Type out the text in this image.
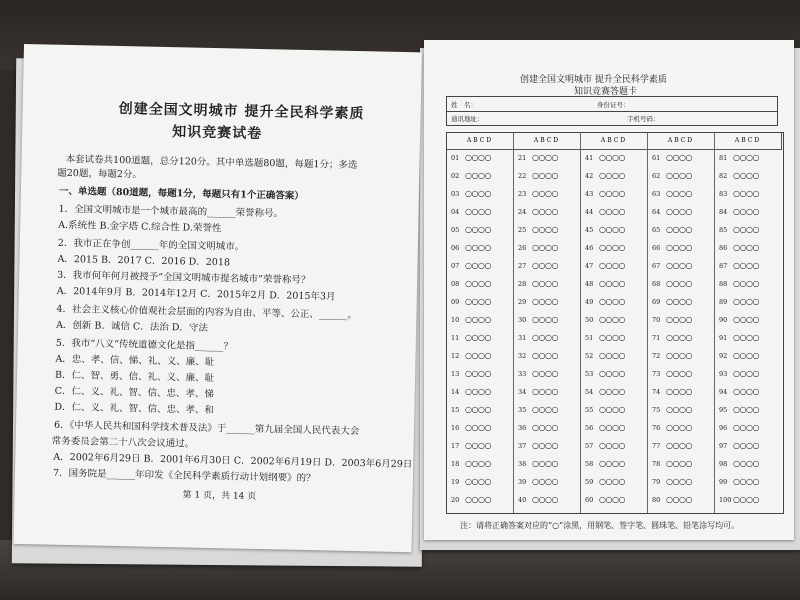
创建全国文明城市 提升全民科学素质
知识竞赛试卷
本套试卷共100道题，总分120分。其中单选题80题，每题1分；多选
题20题，每题2分。
一、单选题（80道题，每题1分，每题只有1个正确答案）
1．全国文明城市是一个城市最高的______荣誉称号。
A.系统性 B.金字塔 C.综合性 D.荣誉性
2．我市正在争创______年的全国文明城市。
A．2015 B．2017 C．2016 D．2018
3．我市何年何月被授予“全国文明城市提名城市”荣誉称号？
A．2014年9月 B．2014年12月 C．2015年2月 D．2015年3月
4．社会主义核心价值观社会层面的内容为自由、平等、公正、______。
A．创新 B．诚信 C．法治 D．守法
5．我市“八义”传统道德文化是指______？
A．忠、孝、信、悌、礼、义、廉、耻
B．仁、智、勇、信、礼、义、廉、耻
C．仁、义、礼、智、信、忠、孝、悌
D．仁、义、礼、智、信、忠、孝、和
6．《中华人民共和国科学技术普及法》于______第九届全国人民代表大会
常务委员会第二十八次会议通过。
A．2002年6月29日 B．2001年6月30日 C．2002年6月19日 D．2003年6月29日
7．国务院是______年印发《全民科学素质行动计划纲要》的？
第 1 页，共 14 页
创建全国文明城市 提升全民科学素质
知识竞赛答题卡
姓　名：	身份证号：
通讯地址：	手机号码：
ABCD
01 ○○○○
02 ○○○○
03 ○○○○
04 ○○○○
05 ○○○○
06 ○○○○
07 ○○○○
08 ○○○○
09 ○○○○
10 ○○○○
11 ○○○○
12 ○○○○
13 ○○○○
14 ○○○○
15 ○○○○
16 ○○○○
17 ○○○○
18 ○○○○
19 ○○○○
20 ○○○○
ABCD
21 ○○○○
22 ○○○○
23 ○○○○
24 ○○○○
25 ○○○○
26 ○○○○
27 ○○○○
28 ○○○○
29 ○○○○
30 ○○○○
31 ○○○○
32 ○○○○
33 ○○○○
34 ○○○○
35 ○○○○
36 ○○○○
37 ○○○○
38 ○○○○
39 ○○○○
40 ○○○○
ABCD
41 ○○○○
42 ○○○○
43 ○○○○
44 ○○○○
45 ○○○○
46 ○○○○
47 ○○○○
48 ○○○○
49 ○○○○
50 ○○○○
51 ○○○○
52 ○○○○
53 ○○○○
54 ○○○○
55 ○○○○
56 ○○○○
57 ○○○○
58 ○○○○
59 ○○○○
60 ○○○○
ABCD
61 ○○○○
62 ○○○○
63 ○○○○
64 ○○○○
65 ○○○○
66 ○○○○
67 ○○○○
68 ○○○○
69 ○○○○
70 ○○○○
71 ○○○○
72 ○○○○
73 ○○○○
74 ○○○○
75 ○○○○
76 ○○○○
77 ○○○○
78 ○○○○
79 ○○○○
80 ○○○○
ABCD
81 ○○○○
82 ○○○○
83 ○○○○
84 ○○○○
85 ○○○○
86 ○○○○
87 ○○○○
88 ○○○○
89 ○○○○
90 ○○○○
91 ○○○○
92 ○○○○
93 ○○○○
94 ○○○○
95 ○○○○
96 ○○○○
97 ○○○○
98 ○○○○
99 ○○○○
100 ○○○○
注：请将正确答案对应的“○”涂黑，用钢笔、签字笔、圆珠笔、铅笔涂写均可。
